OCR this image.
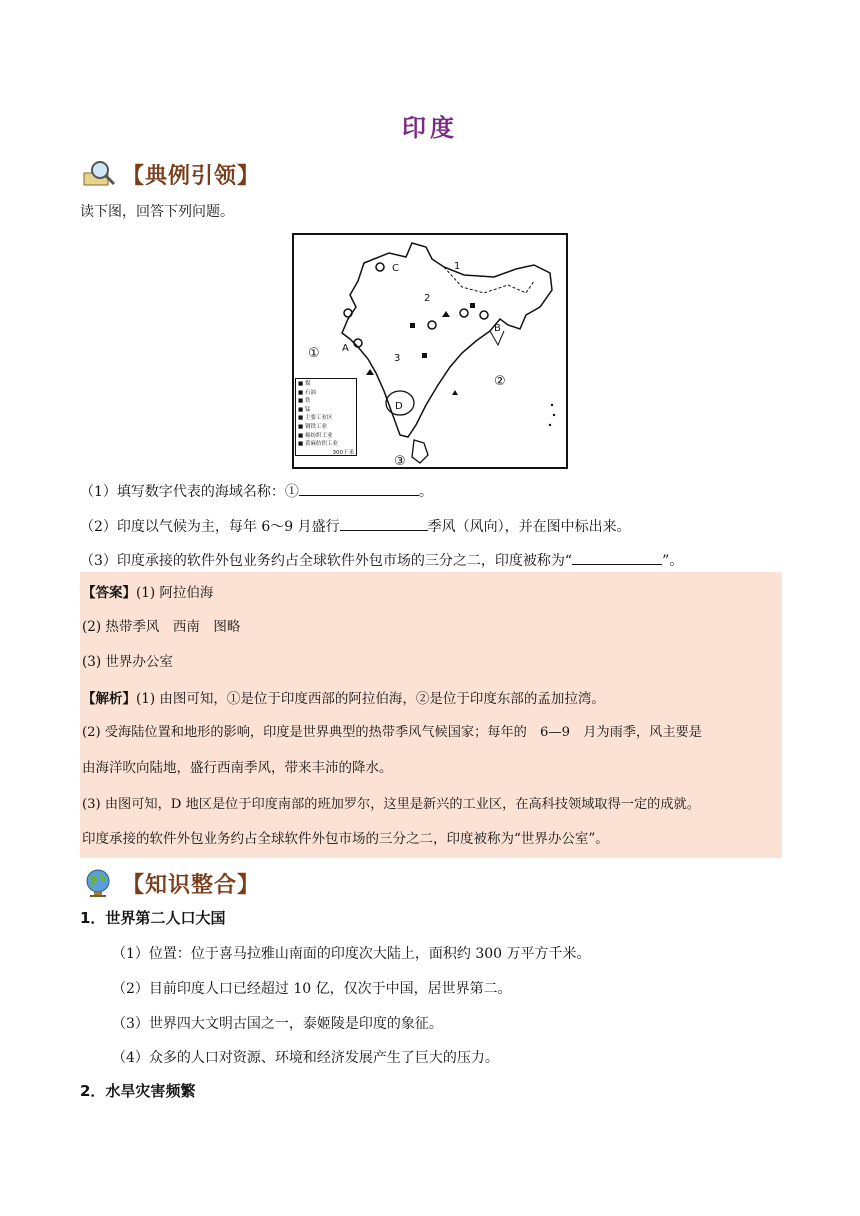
印度
【典例引领】
读下图，回答下列问题。
C	1
2
3
B
A
D
①
②
③
■ 煤
■ 石油
■ 铁
■ 锰
■ 主要工业区
■ 钢铁工业
■ 棉纺织工业
■ 黄麻纺织工业
300千米
（1）填写数字代表的海域名称：①	。
（2）印度以气候为主，每年 6～9 月盛行	季风（风向），并在图中标出来。
（3）印度承接的软件外包业务约占全球软件外包市场的三分之二，印度被称为“	”。
【答案】(1) 阿拉伯海
(2) 热带季风　西南　图略
(3) 世界办公室
【解析】(1) 由图可知，①是位于印度西部的阿拉伯海，②是位于印度东部的孟加拉湾。
(2) 受海陆位置和地形的影响，印度是世界典型的热带季风气候国家；每年的　6—9　月为雨季，风主要是
由海洋吹向陆地，盛行西南季风，带来丰沛的降水。
(3) 由图可知，D 地区是位于印度南部的班加罗尔，这里是新兴的工业区，在高科技领域取得一定的成就。
印度承接的软件外包业务约占全球软件外包市场的三分之二，印度被称为“世界办公室”。
【知识整合】
1．世界第二人口大国
（1）位置：位于喜马拉雅山南面的印度次大陆上，面积约 300 万平方千米。
（2）目前印度人口已经超过 10 亿，仅次于中国，居世界第二。
（3）世界四大文明古国之一，泰姬陵是印度的象征。
（4）众多的人口对资源、环境和经济发展产生了巨大的压力。
2．水旱灾害频繁
